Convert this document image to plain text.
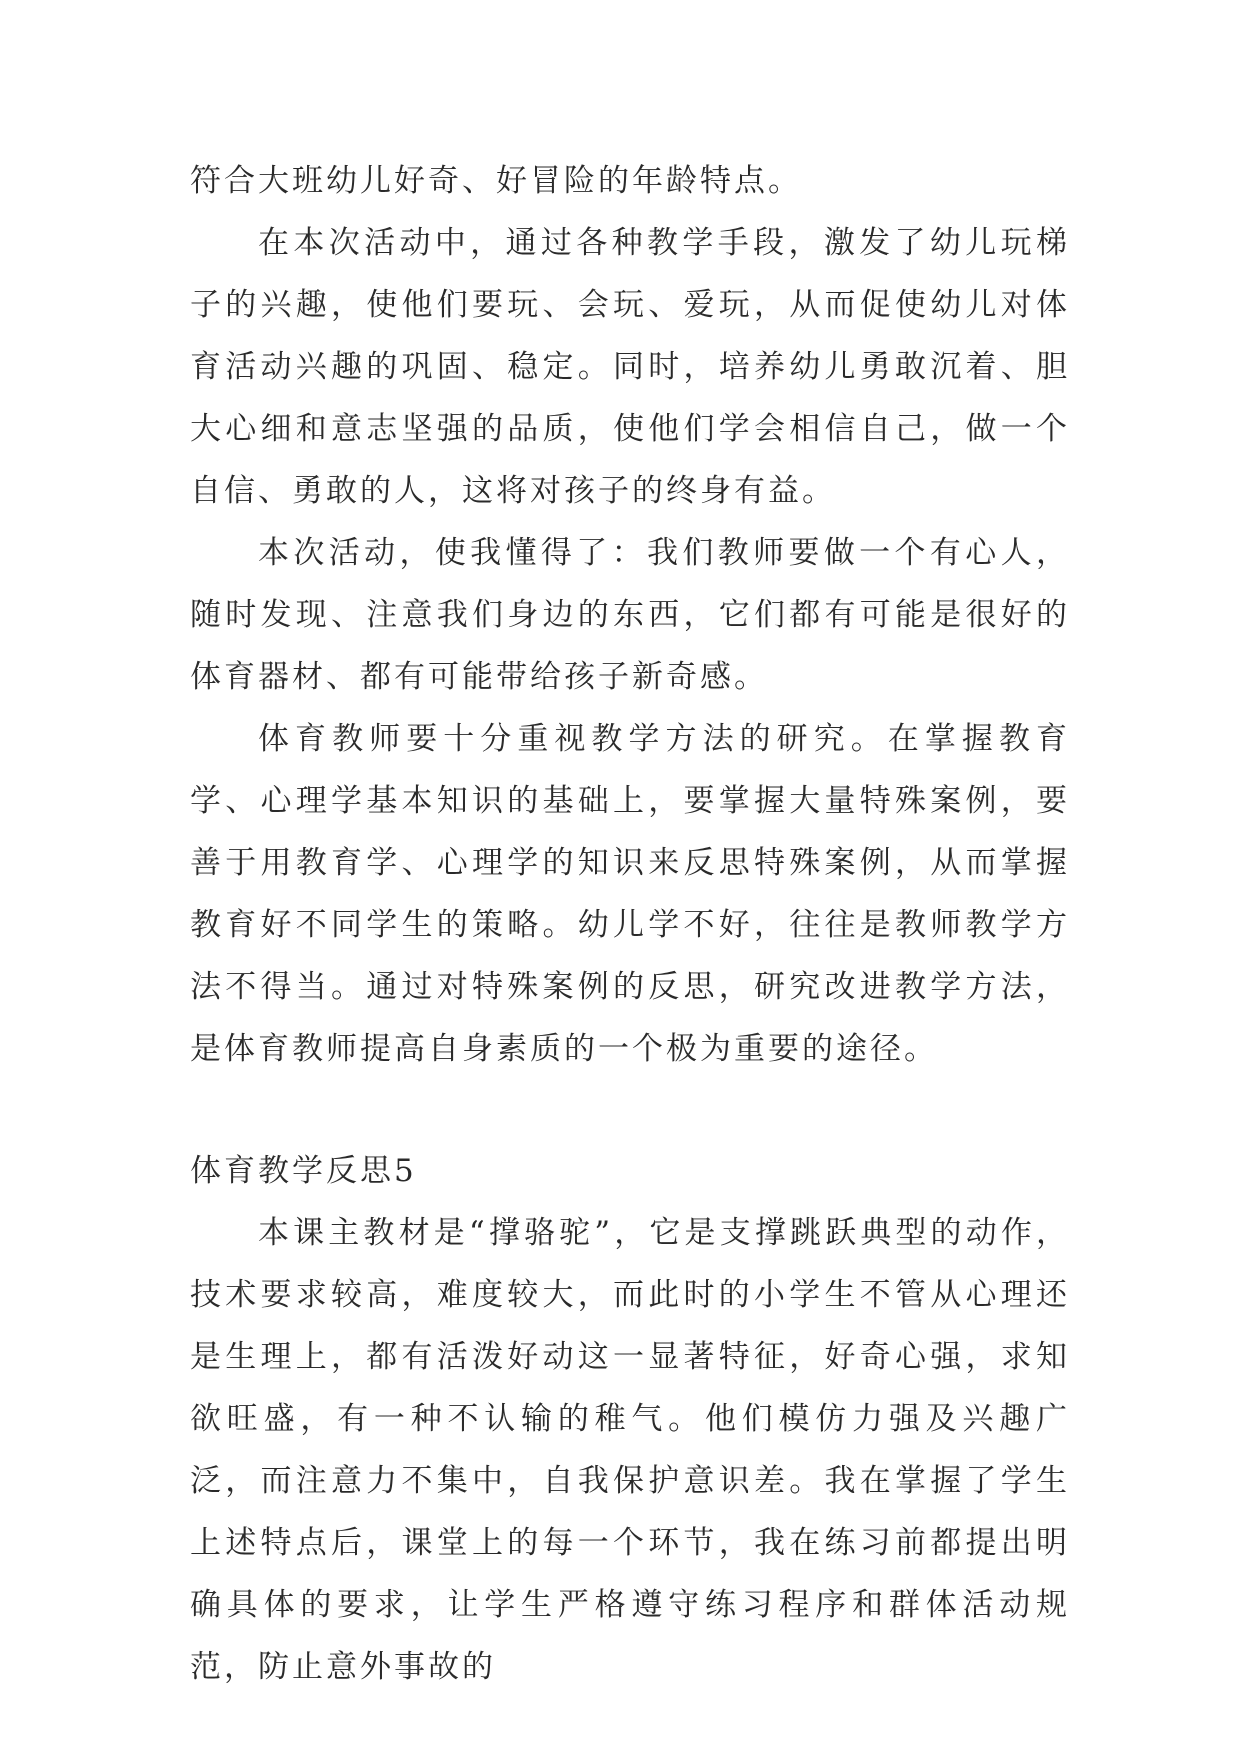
符合大班幼儿好奇、好冒险的年龄特点。

在本次活动中，通过各种教学手段，激发了幼儿玩梯子的兴趣，使他们要玩、会玩、爱玩，从而促使幼儿对体育活动兴趣的巩固、稳定。同时，培养幼儿勇敢沉着、胆大心细和意志坚强的品质，使他们学会相信自己，做一个自信、勇敢的人，这将对孩子的终身有益。

本次活动，使我懂得了：我们教师要做一个有心人，随时发现、注意我们身边的东西，它们都有可能是很好的体育器材、都有可能带给孩子新奇感。

体育教师要十分重视教学方法的研究。在掌握教育学、心理学基本知识的基础上，要掌握大量特殊案例，要善于用教育学、心理学的知识来反思特殊案例，从而掌握教育好不同学生的策略。幼儿学不好，往往是教师教学方法不得当。通过对特殊案例的反思，研究改进教学方法，是体育教师提高自身素质的一个极为重要的途径。

体育教学反思5

本课主教材是“撑骆驼”，它是支撑跳跃典型的动作，技术要求较高，难度较大，而此时的小学生不管从心理还是生理上，都有活泼好动这一显著特征，好奇心强，求知欲旺盛，有一种不认输的稚气。他们模仿力强及兴趣广泛，而注意力不集中，自我保护意识差。我在掌握了学生上述特点后，课堂上的每一个环节，我在练习前都提出明确具体的要求，让学生严格遵守练习程序和群体活动规范，防止意外事故的
